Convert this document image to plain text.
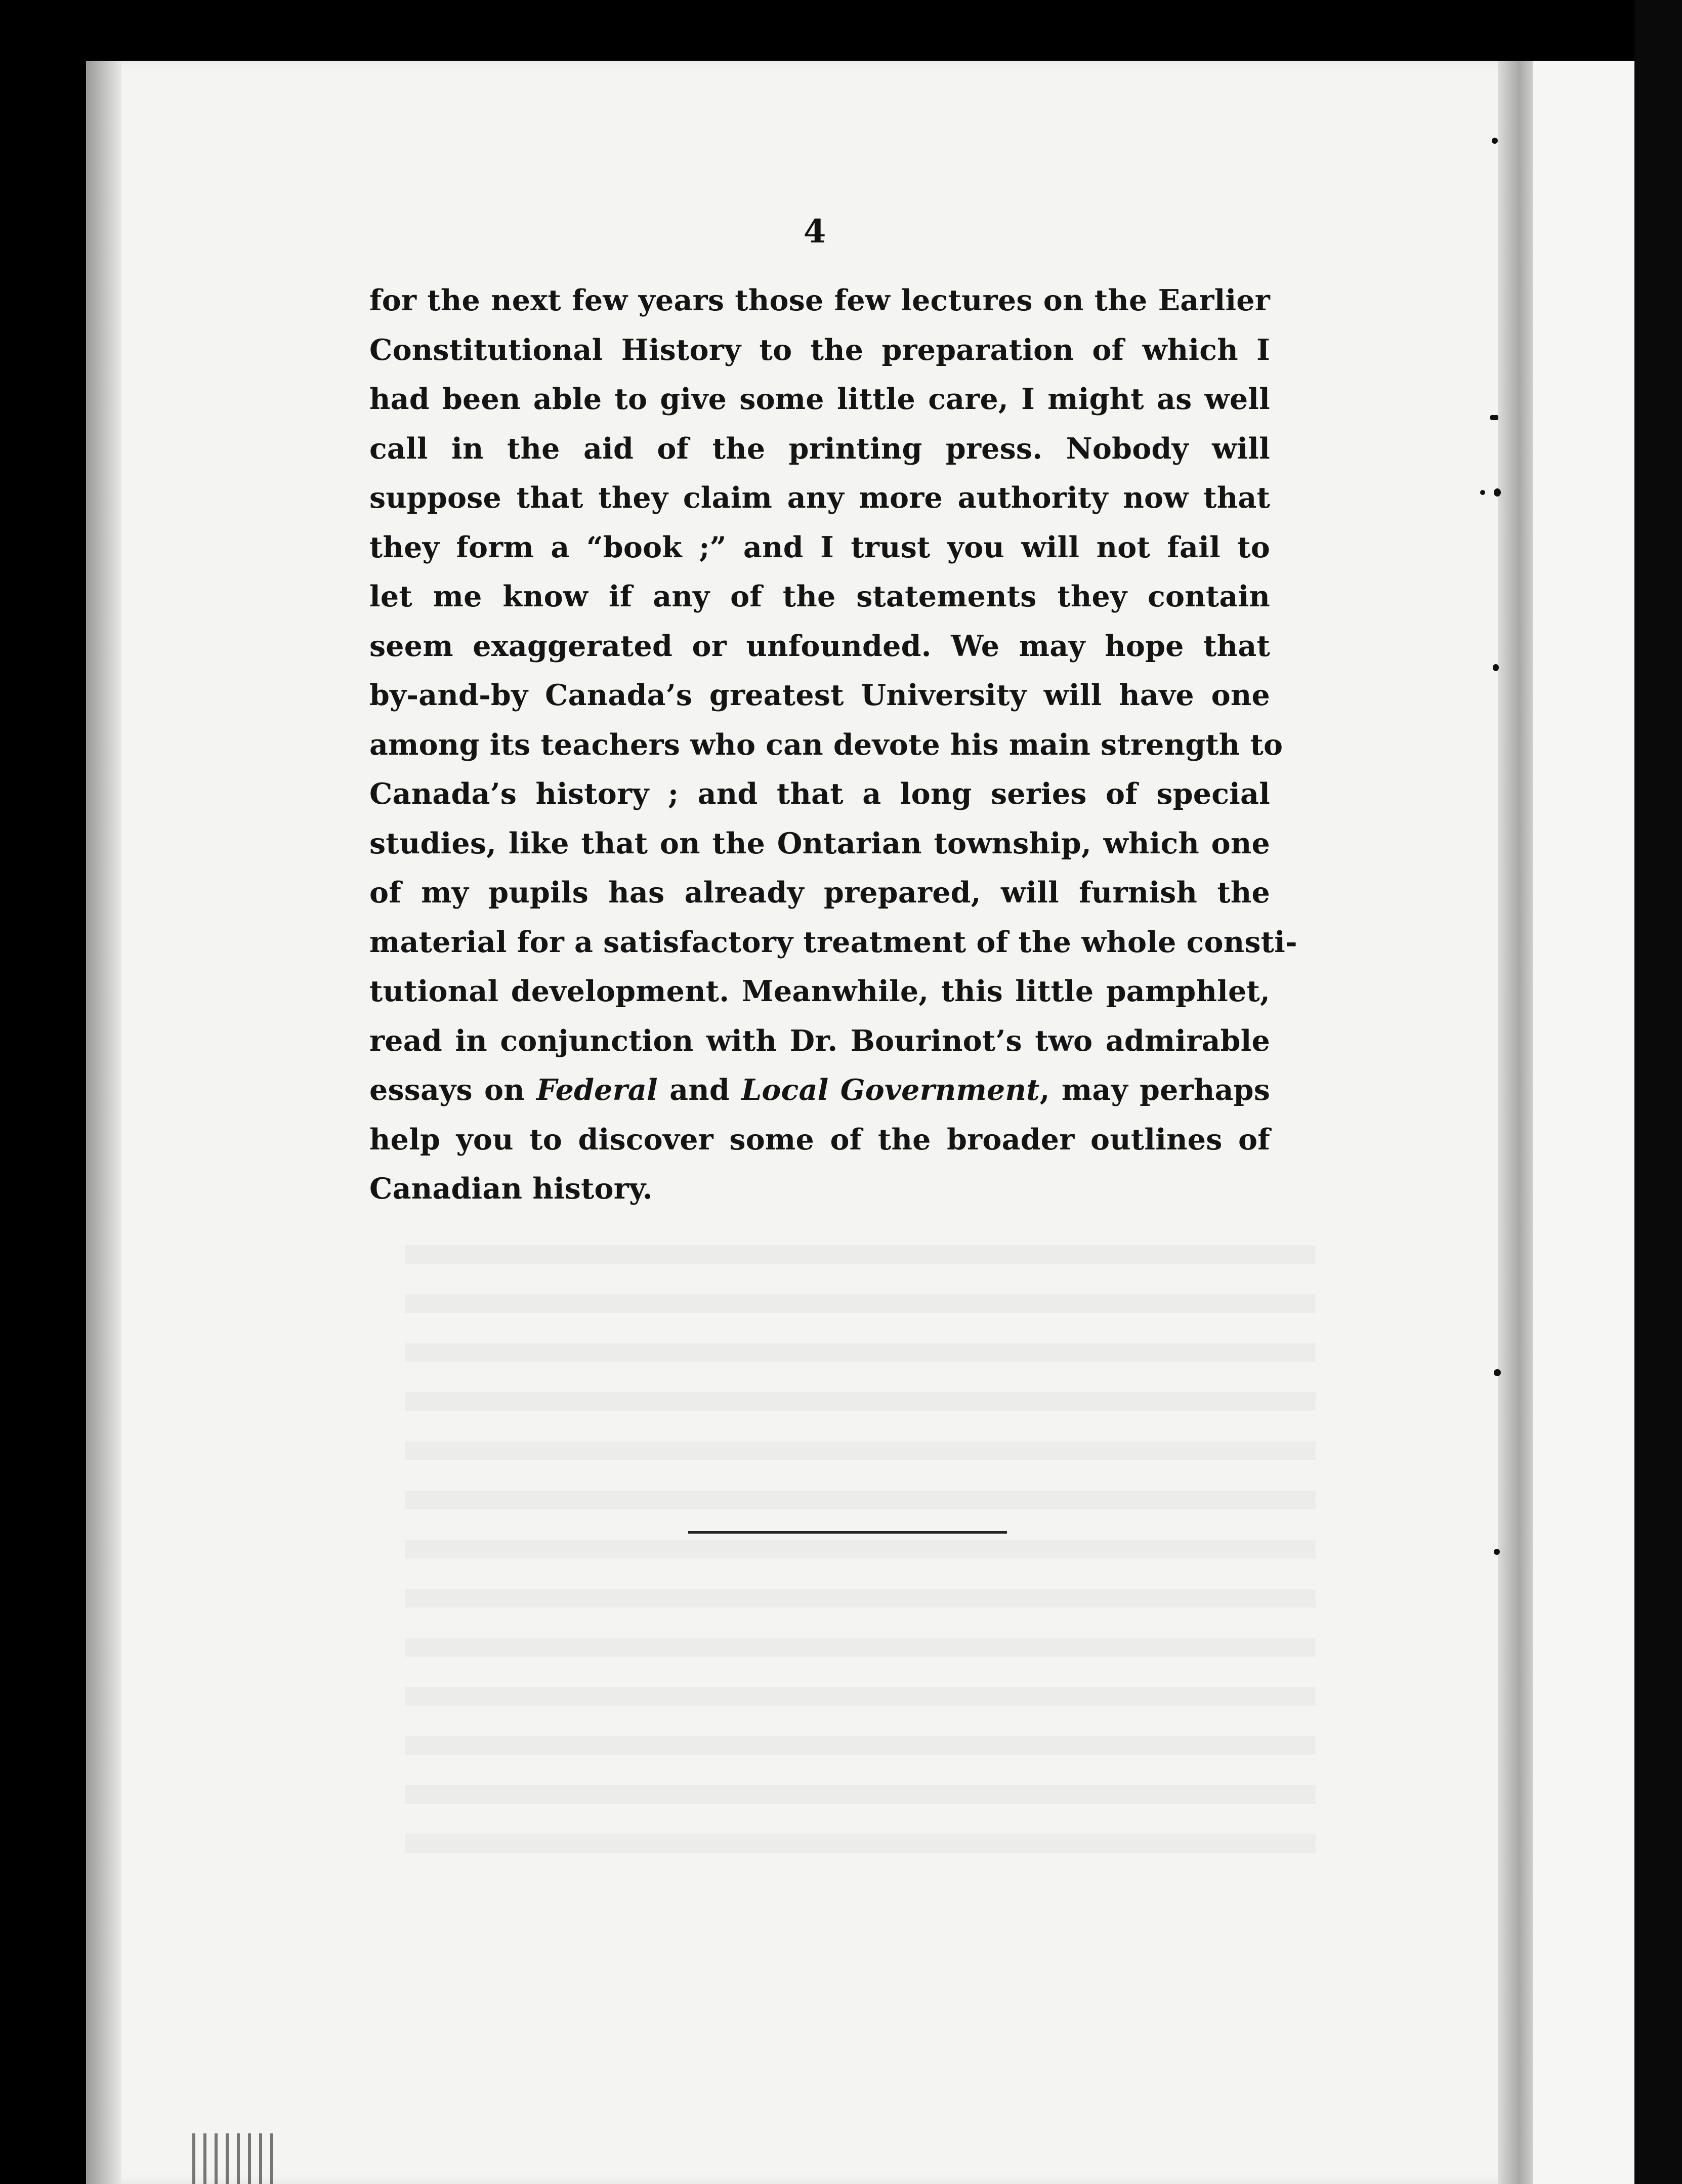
4
for the next few years those few lectures on the Earlier
Constitutional History to the preparation of which I
had been able to give some little care, I might as well
call in the aid of the printing press. Nobody will
suppose that they claim any more authority now that
they form a “book ;” and I trust you will not fail to
let me know if any of the statements they contain
seem exaggerated or unfounded. We may hope that
by-and-by Canada’s greatest University will have one
among its teachers who can devote his main strength to
Canada’s history ; and that a long series of special
studies, like that on the Ontarian township, which one
of my pupils has already prepared, will furnish the
material for a satisfactory treatment of the whole consti-
tutional development. Meanwhile, this little pamphlet,
read in conjunction with Dr. Bourinot’s two admirable
essays on Federal and Local Government, may perhaps
help you to discover some of the broader outlines of
Canadian history.
